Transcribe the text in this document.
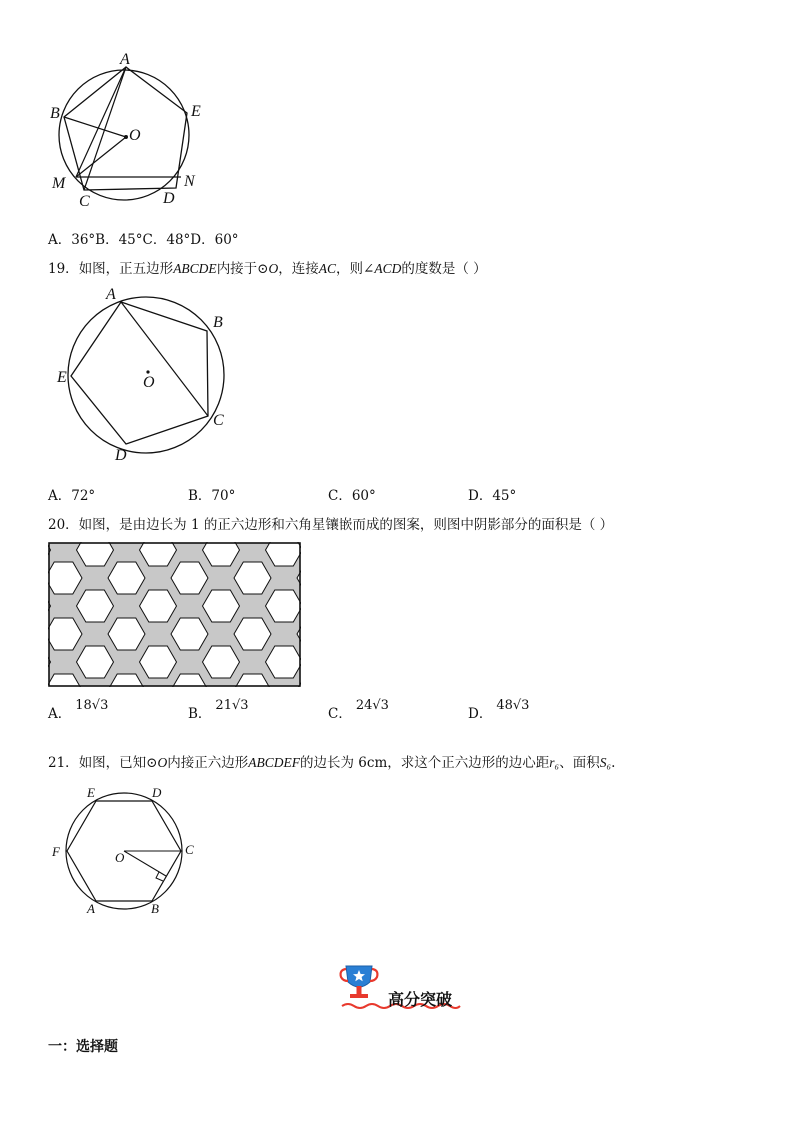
A
B
O
E
M	N
C	D
A．36°B．45°C．48°D．60°
19．如图，正五边形ABCDE内接于⊙O，连接AC，则∠ACD的度数是（ ）
A
B
C
D
E	O
A．72°	B．70°	C．60°	D．45°
20．如图，是由边长为 1 的正六边形和六角星镶嵌而成的图案，则图中阴影部分的面积是（ ）
A．18√3
B．21√3
C．24√3
D．48√3
21．如图，已知⊙O内接正六边形ABCDEF的边长为 6cm，求这个正六边形的边心距r₆、面积S₆.
E	D
F	O
C
A	B
高分突破
一：选择题
